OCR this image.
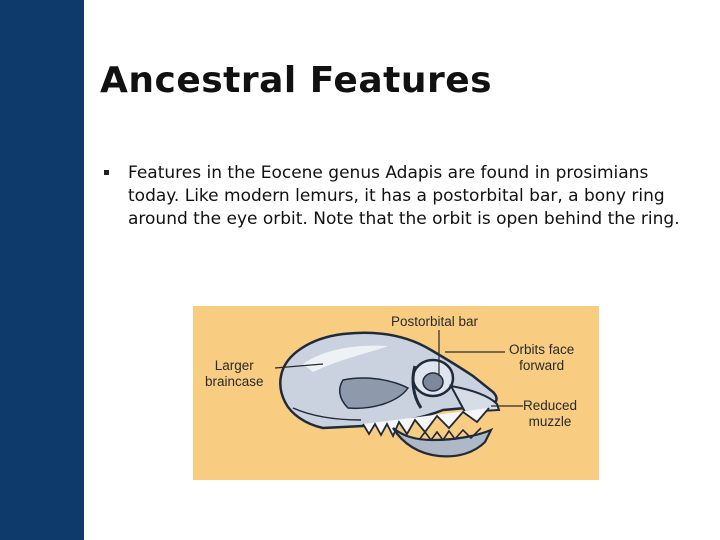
Ancestral Features
Features in the Eocene genus Adapis are found in prosimians today. Like modern lemurs, it has a postorbital bar, a bony ring around the eye orbit. Note that the orbit is open behind the ring.
Postorbital bar
Larger
braincase
Orbits face
forward
Reduced
muzzle
